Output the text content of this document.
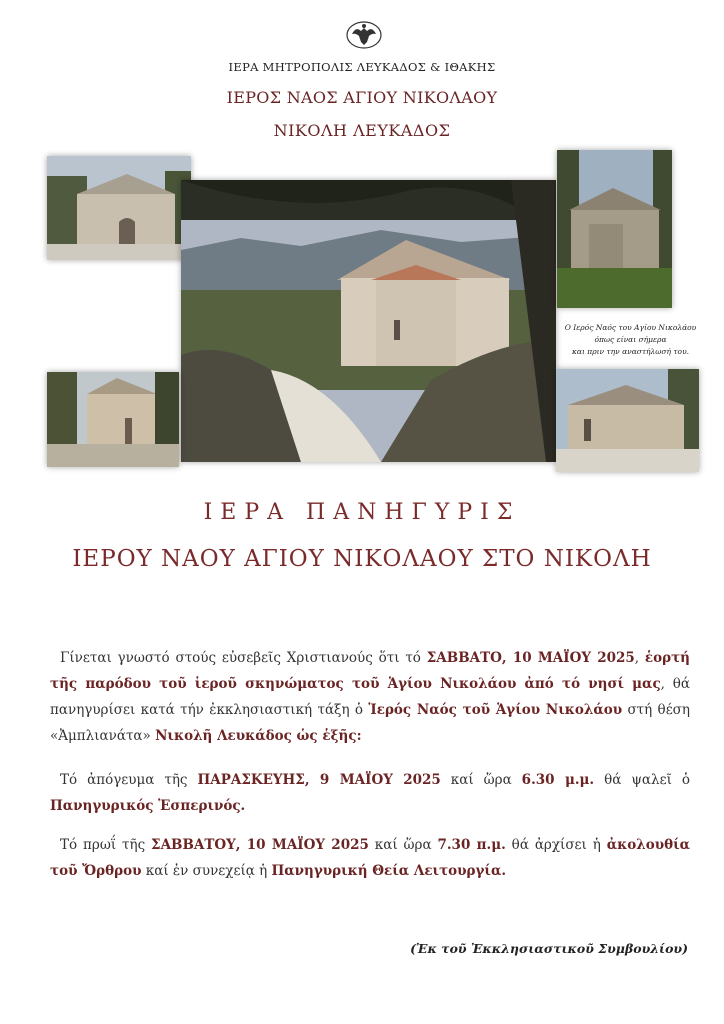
ΙΕΡΑ ΜΗΤΡΟΠΟΛΙΣ ΛΕΥΚΑΔΟΣ & ΙΘΑΚΗΣ
ΙΕΡΟΣ ΝΑΟΣ ΑΓΙΟΥ ΝΙΚΟΛΑΟΥ
ΝΙΚΟΛΗ ΛΕΥΚΑΔΟΣ
Ο Ιερός Ναός του Αγίου Νικολάου
όπως είναι σήμερα
και πριν την αναστήλωσή του.
ΙΕΡΑ ΠΑΝΗΓΥΡΙΣ
ΙΕΡΟΥ ΝΑΟΥ ΑΓΙΟΥ ΝΙΚΟΛΑΟΥ ΣΤΟ ΝΙΚΟΛΗ
Γίνεται γνωστό στούς εὐσεβεῖς Χριστιανούς ὅτι τό ΣΑΒΒΑΤΟ, 10 ΜΑΪΟΥ 2025, ἑορτή τῆς παρόδου τοῦ ἱεροῦ σκηνώματος τοῦ Ἁγίου Νικολάου ἀπό τό νησί μας, θά πανηγυρίσει κατά τήν ἐκκλησιαστική τάξη ὁ Ἱερός Ναός τοῦ Ἁγίου Νικολάου στή θέση «Ἀμπλιανάτα» Νικολῆ Λευκάδος ὡς ἑξῆς:
Τό ἀπόγευμα τῆς ΠΑΡΑΣΚΕΥΗΣ, 9 ΜΑΪΟΥ 2025 καί ὥρα 6.30 μ.μ. θά ψαλεῖ ὁ Πανηγυρικός Ἑσπερινός.
Τό πρωΐ τῆς ΣΑΒΒΑΤΟΥ, 10 ΜΑΪΟΥ 2025 καί ὥρα 7.30 π.μ. θά ἀρχίσει ἡ ἀκολουθία τοῦ Ὄρθρου καί ἐν συνεχείᾳ ἡ Πανηγυρική Θεία Λειτουργία.
(Ἐκ τοῦ Ἐκκλησιαστικοῦ Συμβουλίου)
